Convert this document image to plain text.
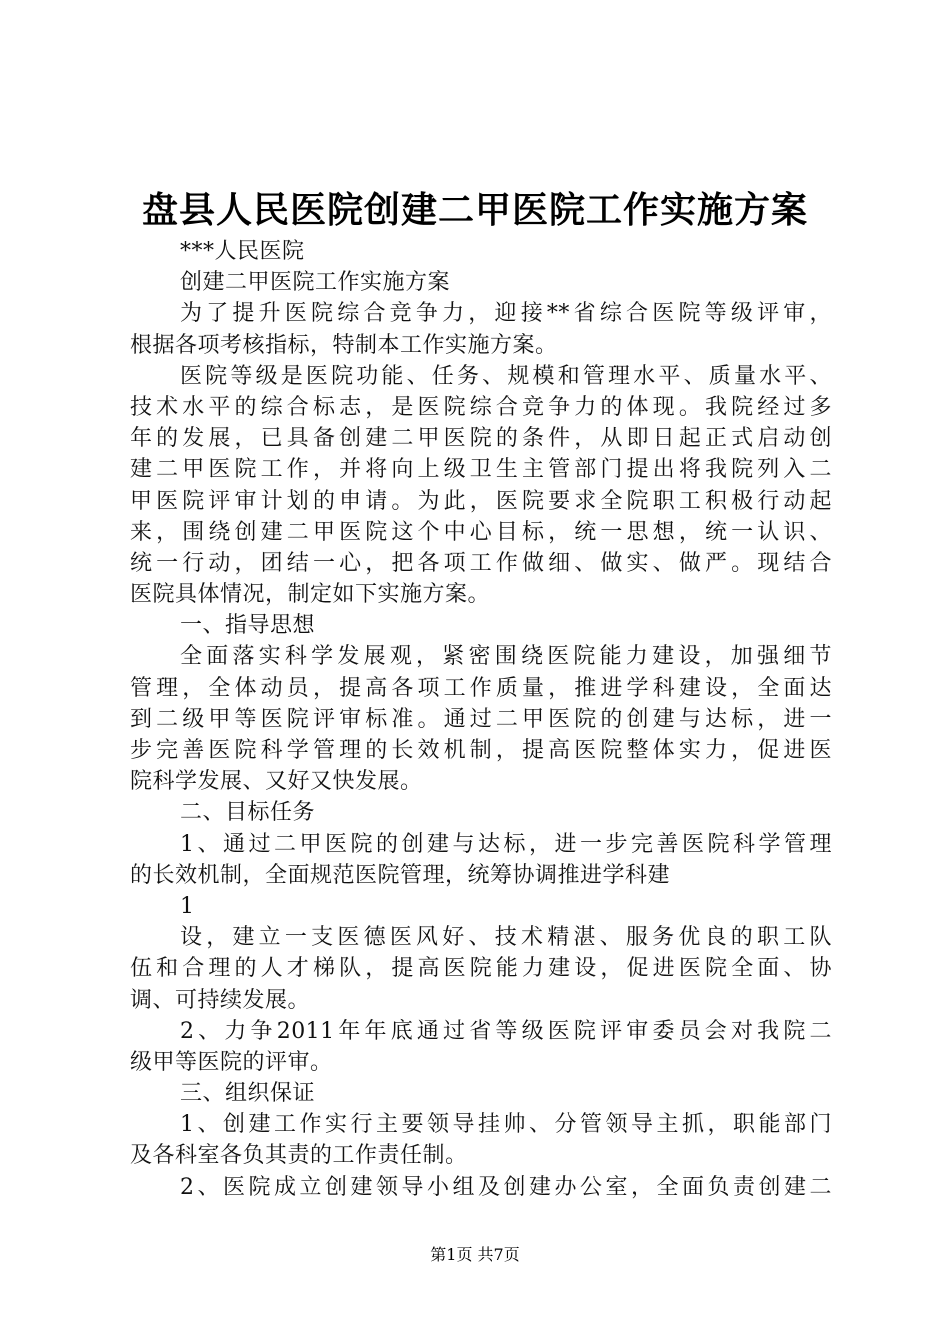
盘县人民医院创建二甲医院工作实施方案
***人民医院
创建二甲医院工作实施方案
为了提升医院综合竞争力，迎接**省综合医院等级评审，
根据各项考核指标，特制本工作实施方案。
医院等级是医院功能、任务、规模和管理水平、质量水平、
技术水平的综合标志，是医院综合竞争力的体现。我院经过多
年的发展，已具备创建二甲医院的条件，从即日起正式启动创
建二甲医院工作，并将向上级卫生主管部门提出将我院列入二
甲医院评审计划的申请。为此，医院要求全院职工积极行动起
来，围绕创建二甲医院这个中心目标，统一思想，统一认识、
统一行动，团结一心，把各项工作做细、做实、做严。现结合
医院具体情况，制定如下实施方案。
一、指导思想
全面落实科学发展观，紧密围绕医院能力建设，加强细节
管理，全体动员，提高各项工作质量，推进学科建设，全面达
到二级甲等医院评审标准。通过二甲医院的创建与达标，进一
步完善医院科学管理的长效机制，提高医院整体实力，促进医
院科学发展、又好又快发展。
二、目标任务
1、通过二甲医院的创建与达标，进一步完善医院科学管理
的长效机制，全面规范医院管理，统筹协调推进学科建
1
设，建立一支医德医风好、技术精湛、服务优良的职工队
伍和合理的人才梯队，提高医院能力建设，促进医院全面、协
调、可持续发展。
2、力争2011年年底通过省等级医院评审委员会对我院二
级甲等医院的评审。
三、组织保证
1、创建工作实行主要领导挂帅、分管领导主抓，职能部门
及各科室各负其责的工作责任制。
2、医院成立创建领导小组及创建办公室，全面负责创建二
第1页 共7页
